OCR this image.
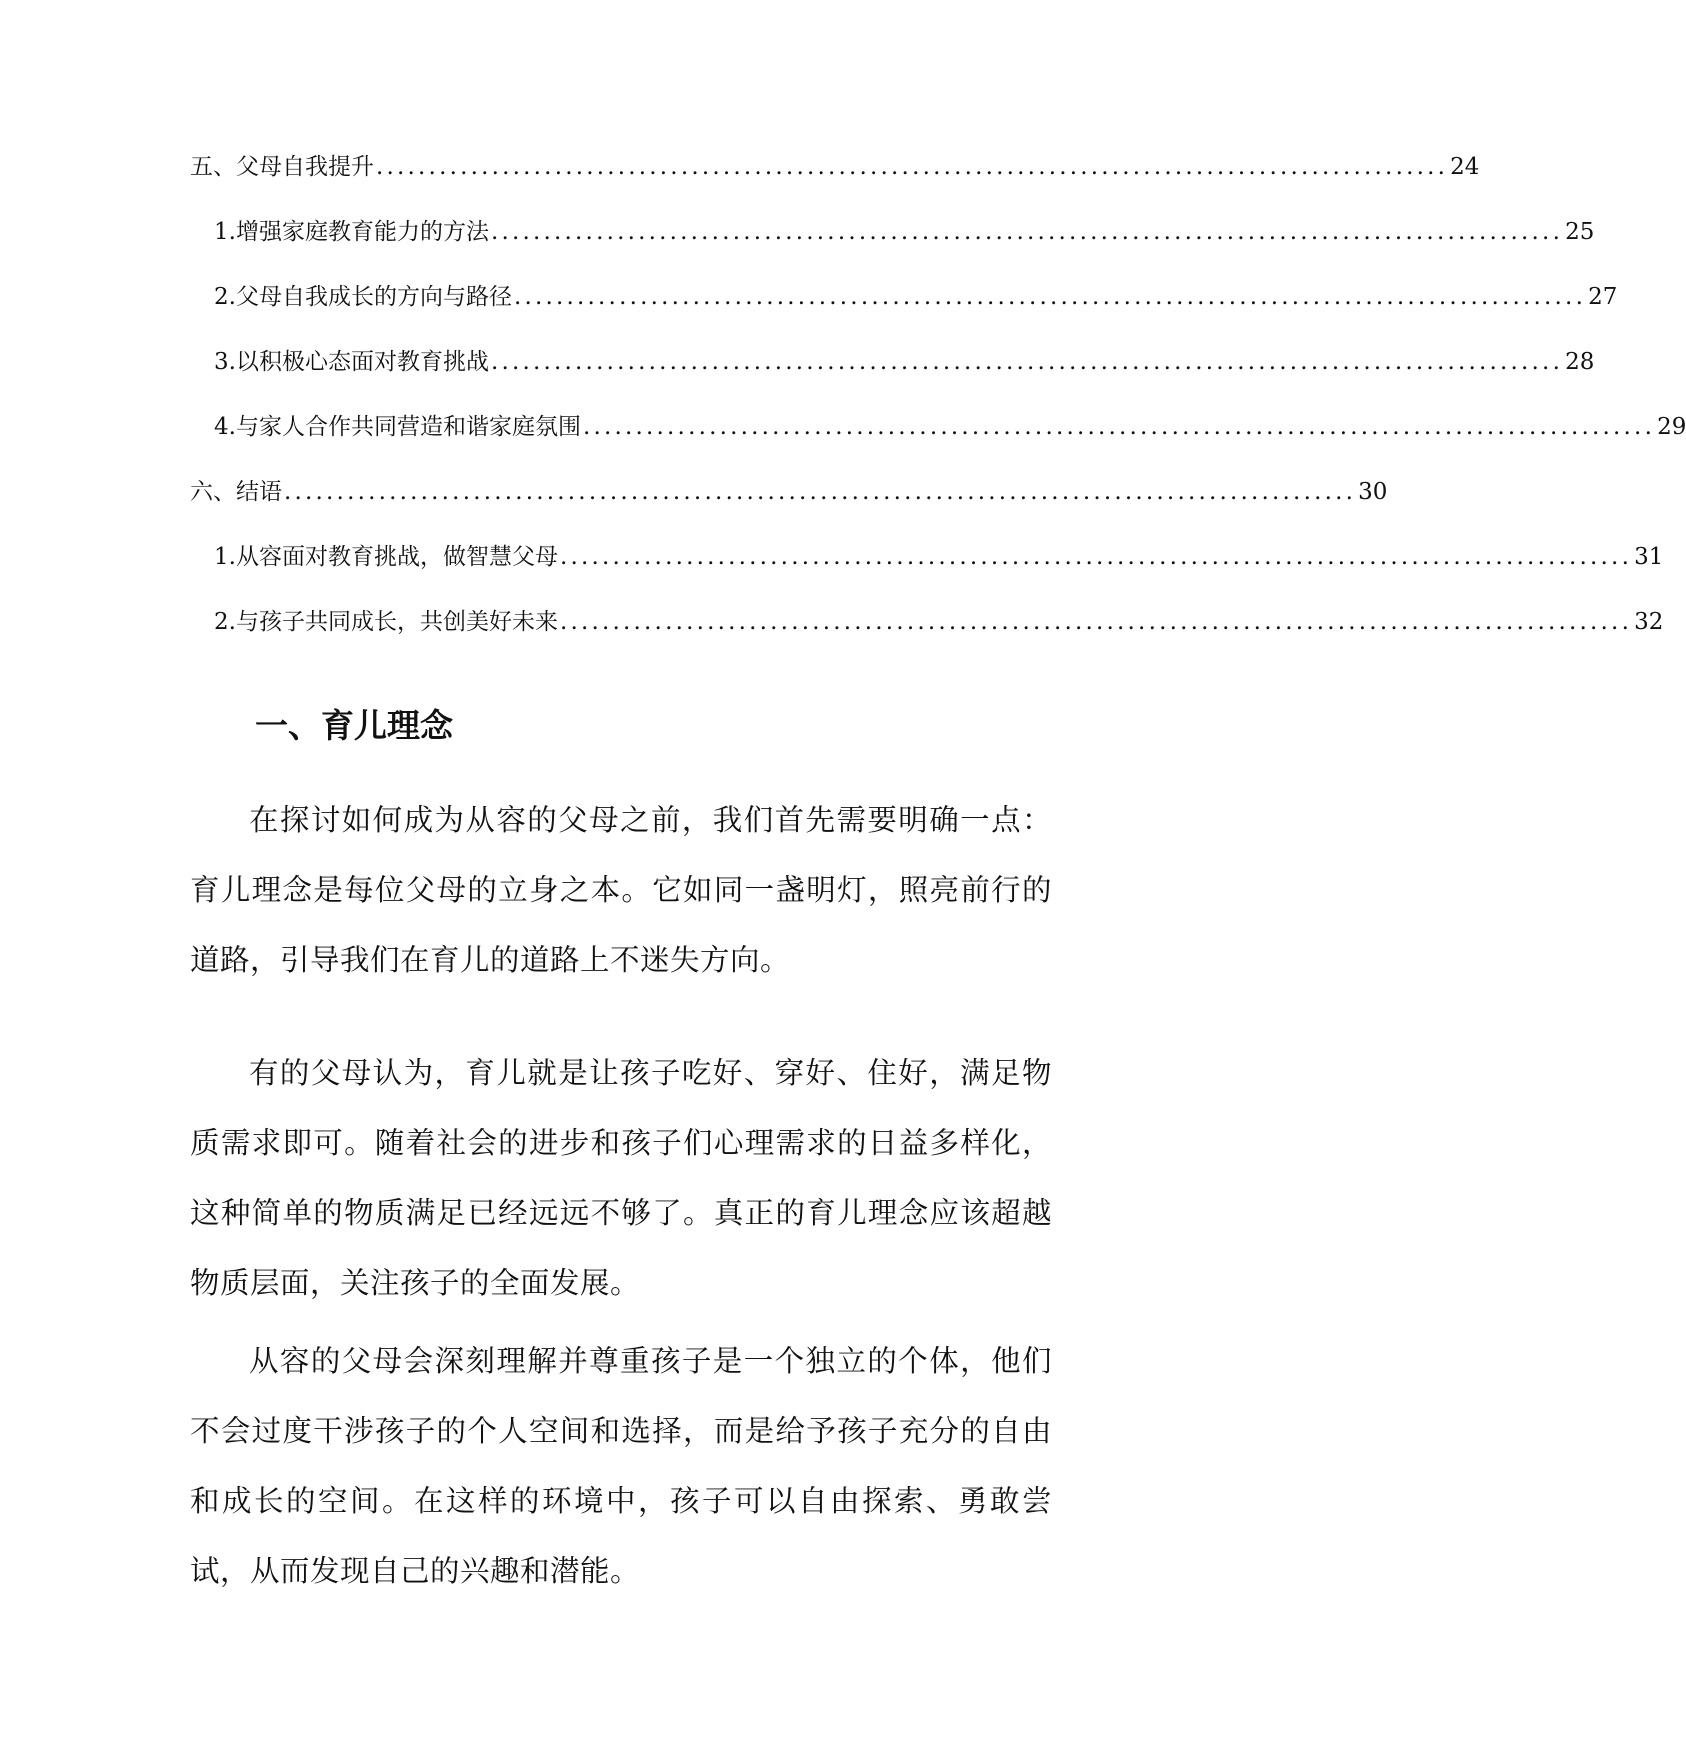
五、父母自我提升 ...................................................................................................... 24
1. 增强家庭教育能力的方法 ...................................................................................................... 25
2. 父母自我成长的方向与路径 ...................................................................................................... 27
3. 以积极心态面对教育挑战 ...................................................................................................... 28
4. 与家人合作共同营造和谐家庭氛围 ...................................................................................................... 29
六、结语 ...................................................................................................... 30
1. 从容面对教育挑战，做智慧父母 ...................................................................................................... 31
2. 与孩子共同成长，共创美好未来 ...................................................................................................... 32
一、育儿理念

在探讨如何成为从容的父母之前，我们首先需要明确一点：育儿理念是每位父母的立身之本。它如同一盏明灯，照亮前行的道路，引导我们在育儿的道路上不迷失方向。

有的父母认为，育儿就是让孩子吃好、穿好、住好，满足物质需求即可。随着社会的进步和孩子们心理需求的日益多样化，这种简单的物质满足已经远远不够了。真正的育儿理念应该超越物质层面，关注孩子的全面发展。

从容的父母会深刻理解并尊重孩子是一个独立的个体，他们不会过度干涉孩子的个人空间和选择，而是给予孩子充分的自由和成长的空间。在这样的环境中，孩子可以自由探索、勇敢尝试，从而发现自己的兴趣和潜能。
